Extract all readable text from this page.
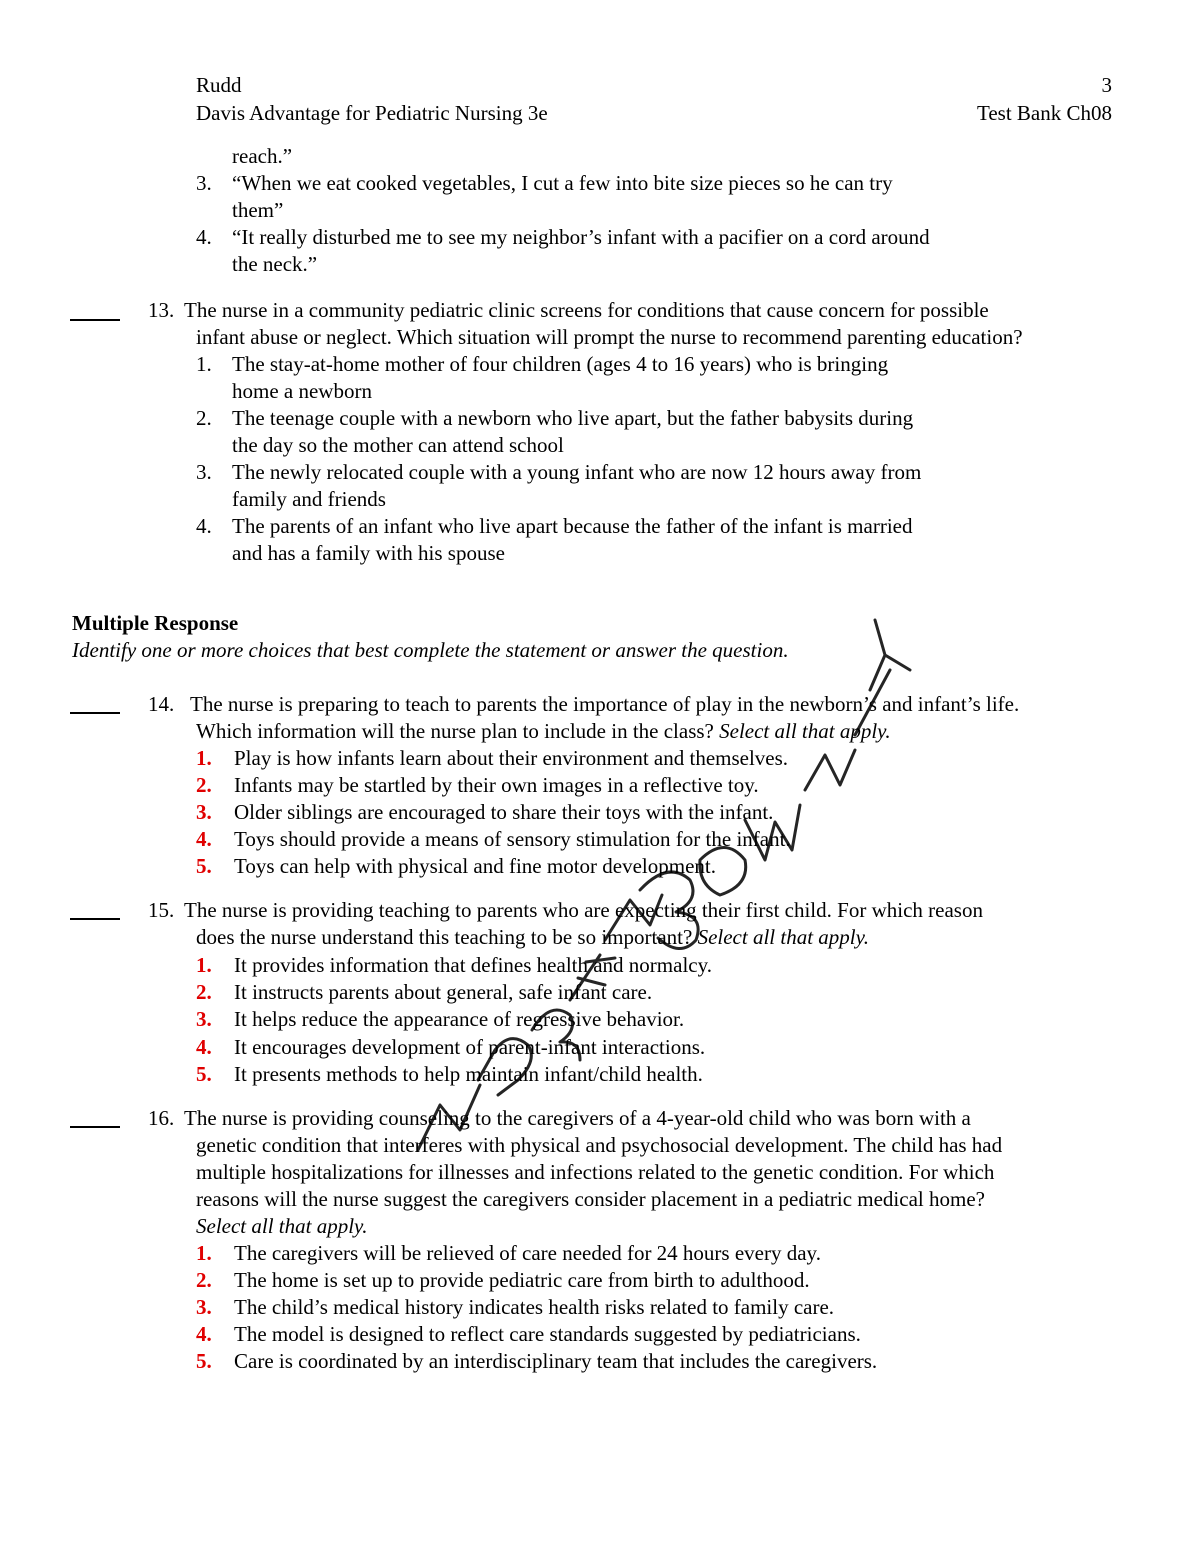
Rudd	3
Davis Advantage for Pediatric Nursing 3e	Test Bank Ch08
reach.”
3. “When we eat cooked vegetables, I cut a few into bite size pieces so he can try
them”
4. “It really disturbed me to see my neighbor’s infant with a pacifier on a cord around
the neck.”
13. The nurse in a community pediatric clinic screens for conditions that cause concern for possible
infant abuse or neglect. Which situation will prompt the nurse to recommend parenting education?
1. The stay-at-home mother of four children (ages 4 to 16 years) who is bringing
home a newborn
2. The teenage couple with a newborn who live apart, but the father babysits during
the day so the mother can attend school
3. The newly relocated couple with a young infant who are now 12 hours away from
family and friends
4. The parents of an infant who live apart because the father of the infant is married
and has a family with his spouse
Multiple Response
Identify one or more choices that best complete the statement or answer the question.
14. The nurse is preparing to teach to parents the importance of play in the newborn’s and infant’s life.
Which information will the nurse plan to include in the class? Select all that apply.
1. Play is how infants learn about their environment and themselves.
2. Infants may be startled by their own images in a reflective toy.
3. Older siblings are encouraged to share their toys with the infant.
4. Toys should provide a means of sensory stimulation for the infant.
5. Toys can help with physical and fine motor development.
15. The nurse is providing teaching to parents who are expecting their first child. For which reason
does the nurse understand this teaching to be so important? Select all that apply.
1. It provides information that defines health and normalcy.
2. It instructs parents about general, safe infant care.
3. It helps reduce the appearance of regressive behavior.
4. It encourages development of parent-infant interactions.
5. It presents methods to help maintain infant/child health.
16. The nurse is providing counseling to the caregivers of a 4-year-old child who was born with a
genetic condition that interferes with physical and psychosocial development. The child has had
multiple hospitalizations for illnesses and infections related to the genetic condition. For which
reasons will the nurse suggest the caregivers consider placement in a pediatric medical home?
Select all that apply.
1. The caregivers will be relieved of care needed for 24 hours every day.
2. The home is set up to provide pediatric care from birth to adulthood.
3. The child’s medical history indicates health risks related to family care.
4. The model is designed to reflect care standards suggested by pediatricians.
5. Care is coordinated by an interdisciplinary team that includes the caregivers.
